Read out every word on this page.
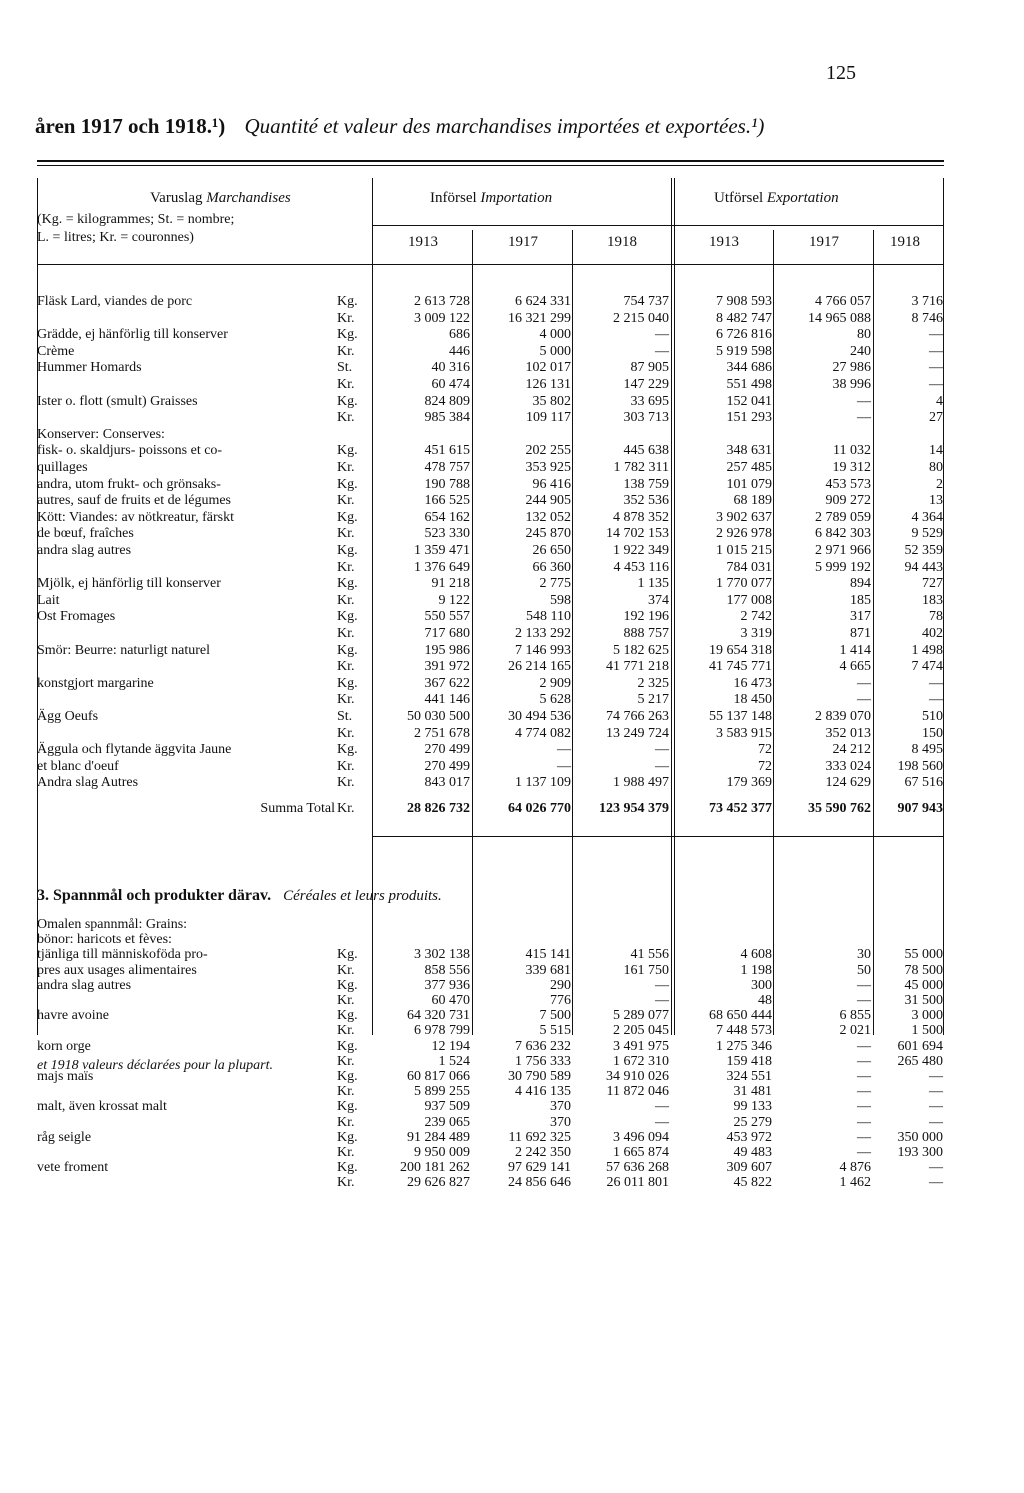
125
åren 1917 och 1918.¹) Quantité et valeur des marchandises importées et exportées.¹)
Varuslag Marchandises
(Kg. = kilogrammes; St. = nombre;
L. = litres; Kr. = couronnes)
Införsel Importation	Utförsel Exportation
1913	1917	1918	1913	1917	1918
3. Spannmål och produkter därav. Céréales et leurs produits.
Fläsk Lard, viandes de porc	Kg.	2 613 728	6 624 331	754 737	7 908 593	4 766 057	3 716
Kr.	3 009 122	16 321 299	2 215 040	8 482 747	14 965 088	8 746
Grädde, ej hänförlig till konserver	Kg.	686	4 000	—	6 726 816	80	—
Crème	Kr.	446	5 000	—	5 919 598	240	—
Hummer Homards	St.	40 316	102 017	87 905	344 686	27 986	—
Kr.	60 474	126 131	147 229	551 498	38 996	—
Ister o. flott (smult) Graisses	Kg.	824 809	35 802	33 695	152 041	—	4
Kr.	985 384	109 117	303 713	151 293	—	27
Konserver: Conserves:
fisk- o. skaldjurs- poissons et co-	Kg.	451 615	202 255	445 638	348 631	11 032	14
quillages	Kr.	478 757	353 925	1 782 311	257 485	19 312	80
andra, utom frukt- och grönsaks-	Kg.	190 788	96 416	138 759	101 079	453 573	2
autres, sauf de fruits et de légumes	Kr.	166 525	244 905	352 536	68 189	909 272	13
Kött: Viandes: av nötkreatur, färskt	Kg.	654 162	132 052	4 878 352	3 902 637	2 789 059	4 364
de bœuf, fraîches	Kr.	523 330	245 870	14 702 153	2 926 978	6 842 303	9 529
andra slag autres	Kg.	1 359 471	26 650	1 922 349	1 015 215	2 971 966	52 359
Kr.	1 376 649	66 360	4 453 116	784 031	5 999 192	94 443
Mjölk, ej hänförlig till konserver	Kg.	91 218	2 775	1 135	1 770 077	894	727
Lait	Kr.	9 122	598	374	177 008	185	183
Ost Fromages	Kg.	550 557	548 110	192 196	2 742	317	78
Kr.	717 680	2 133 292	888 757	3 319	871	402
Smör: Beurre: naturligt naturel	Kg.	195 986	7 146 993	5 182 625	19 654 318	1 414	1 498
Kr.	391 972	26 214 165	41 771 218	41 745 771	4 665	7 474
konstgjort margarine	Kg.	367 622	2 909	2 325	16 473	—	—
Kr.	441 146	5 628	5 217	18 450	—	—
Ägg Oeufs	St.	50 030 500	30 494 536	74 766 263	55 137 148	2 839 070	510
Kr.	2 751 678	4 774 082	13 249 724	3 583 915	352 013	150
Äggula och flytande äggvita Jaune	Kg.	270 499	—	—	72	24 212	8 495
et blanc d'oeuf	Kr.	270 499	—	—	72	333 024	198 560
Andra slag Autres	Kr.	843 017	1 137 109	1 988 497	179 369	124 629	67 516
Summa Total Kr.	28 826 732	64 026 770	123 954 379	73 452 377	35 590 762	907 943
Omalen spannmål: Grains:
bönor: haricots et fèves:
tjänliga till människoföda pro-	Kg.	3 302 138	415 141	41 556	4 608	30	55 000
pres aux usages alimentaires	Kr.	858 556	339 681	161 750	1 198	50	78 500
andra slag autres	Kg.	377 936	290	—	300	—	45 000
Kr.	60 470	776	—	48	—	31 500
havre avoine	Kg.	64 320 731	7 500	5 289 077	68 650 444	6 855	3 000
Kr.	6 978 799	5 515	2 205 045	7 448 573	2 021	1 500
korn orge	Kg.	12 194	7 636 232	3 491 975	1 275 346	—	601 694
Kr.	1 524	1 756 333	1 672 310	159 418	—	265 480
majs maïs	Kg.	60 817 066	30 790 589	34 910 026	324 551	—	—
Kr.	5 899 255	4 416 135	11 872 046	31 481	—	—
malt, även krossat malt	Kg.	937 509	370	—	99 133	—	—
Kr.	239 065	370	—	25 279	—	—
råg seigle	Kg.	91 284 489	11 692 325	3 496 094	453 972	—	350 000
Kr.	9 950 009	2 242 350	1 665 874	49 483	—	193 300
vete froment	Kg.	200 181 262	97 629 141	57 636 268	309 607	4 876	—
Kr.	29 626 827	24 856 646	26 011 801	45 822	1 462	—
et 1918 valeurs déclarées pour la plupart.
